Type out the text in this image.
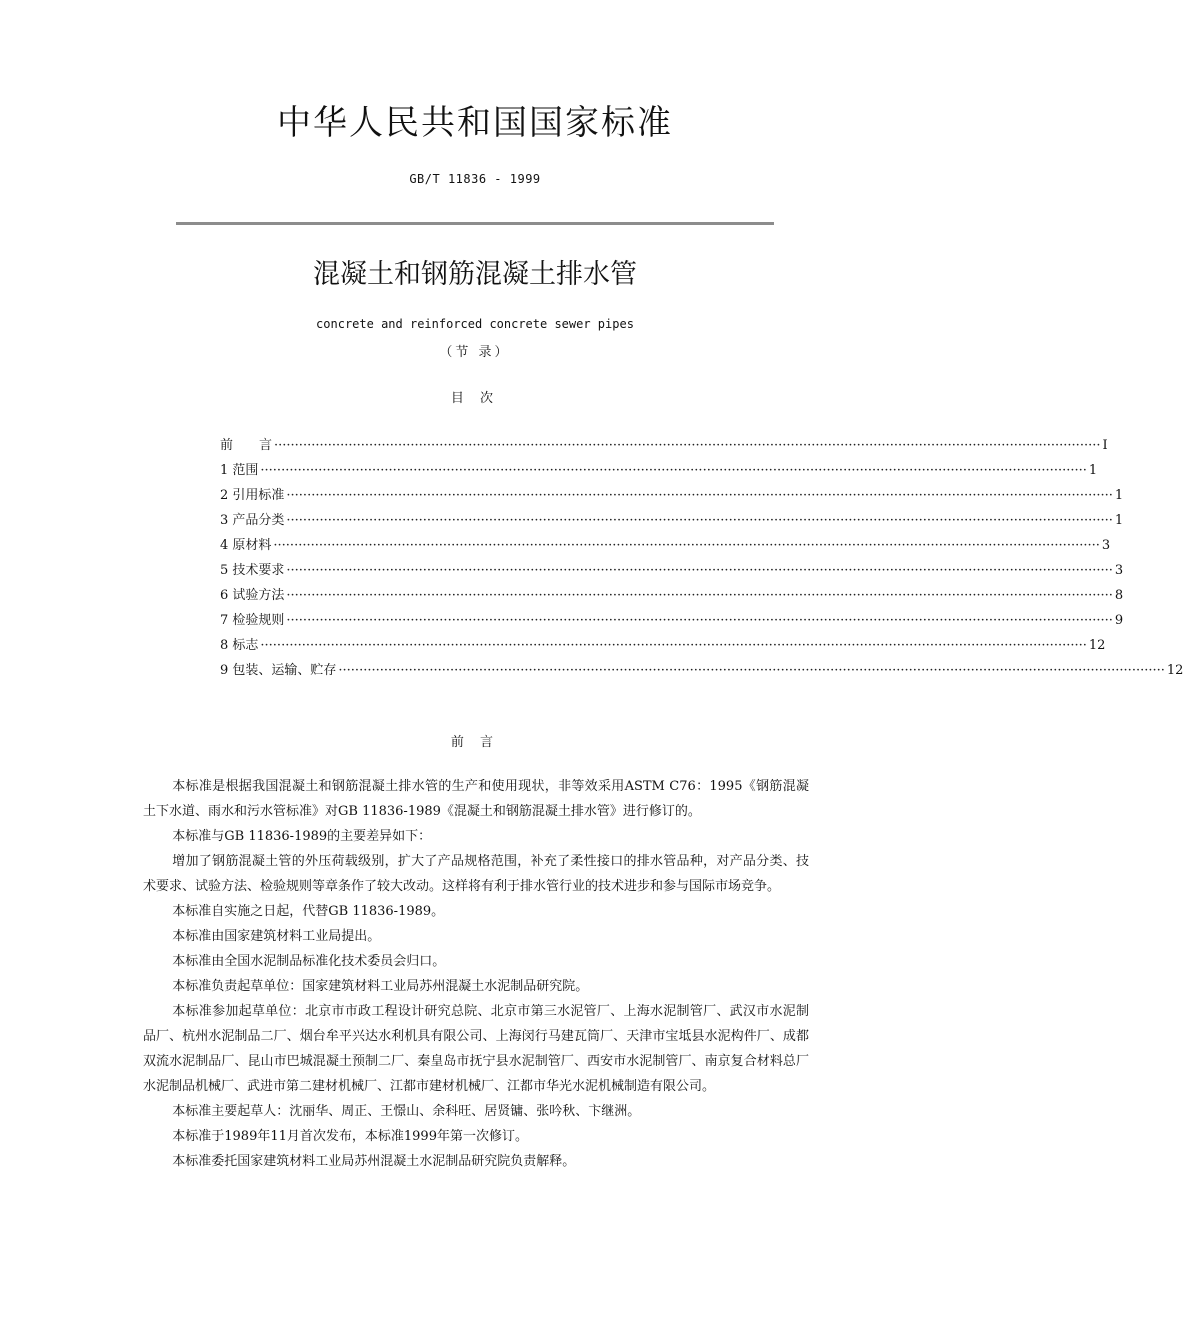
中华人民共和国国家标准
GB/T 11836 - 1999
混凝土和钢筋混凝土排水管
concrete and reinforced concrete sewer pipes
（节 录）
目 次
前　　言 ········································································································································································································ I
1 范围 ········································································································································································································ 1
2 引用标准 ········································································································································································································ 1
3 产品分类 ········································································································································································································ 1
4 原材料 ········································································································································································································ 3
5 技术要求 ········································································································································································································ 3
6 试验方法 ········································································································································································································ 8
7 检验规则 ········································································································································································································ 9
8 标志 ········································································································································································································ 12
9 包装、运输、贮存 ········································································································································································································ 12
前 言

本标准是根据我国混凝土和钢筋混凝土排水管的生产和使用现状，非等效采用ASTM C76：1995《钢筋混凝土下水道、雨水和污水管标准》对GB 11836-1989《混凝土和钢筋混凝土排水管》进行修订的。

本标准与GB 11836-1989的主要差异如下：

增加了钢筋混凝土管的外压荷载级别，扩大了产品规格范围，补充了柔性接口的排水管品种，对产品分类、技术要求、试验方法、检验规则等章条作了较大改动。这样将有利于排水管行业的技术进步和参与国际市场竞争。

本标准自实施之日起，代替GB 11836-1989。

本标准由国家建筑材料工业局提出。

本标准由全国水泥制品标准化技术委员会归口。

本标准负责起草单位：国家建筑材料工业局苏州混凝土水泥制品研究院。

本标准参加起草单位：北京市市政工程设计研究总院、北京市第三水泥管厂、上海水泥制管厂、武汉市水泥制品厂、杭州水泥制品二厂、烟台牟平兴达水利机具有限公司、上海闵行马建瓦筒厂、天津市宝坻县水泥构件厂、成都双流水泥制品厂、昆山市巴城混凝土预制二厂、秦皇岛市抚宁县水泥制管厂、西安市水泥制管厂、南京复合材料总厂水泥制品机械厂、武进市第二建材机械厂、江都市建材机械厂、江都市华光水泥机械制造有限公司。

本标准主要起草人：沈丽华、周正、王憬山、余科旺、居贤镛、张吟秋、卞继洲。

本标准于1989年11月首次发布，本标准1999年第一次修订。

本标准委托国家建筑材料工业局苏州混凝土水泥制品研究院负责解释。
